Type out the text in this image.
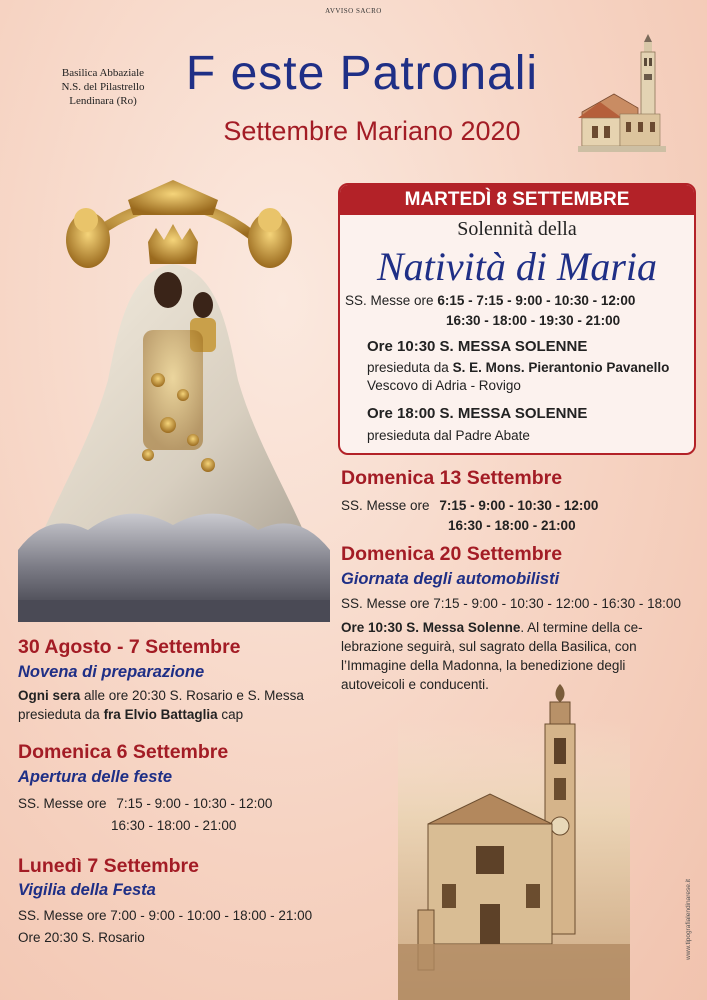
AVVISO SACRO
Basilica Abbaziale
N.S. del Pilastrello
Lendinara (Ro)
F este Patronali
Settembre Mariano 2020
MARTEDÌ 8 SETTEMBRE
Solennità della
Natività di Maria
SS. Messe ore 6:15 - 7:15 - 9:00 - 10:30 - 12:00
16:30 - 18:00 - 19:30 - 21:00
Ore 10:30 S. MESSA SOLENNE
presieduta da S. E. Mons. Pierantonio Pavanello
Vescovo di Adria - Rovigo
Ore 18:00 S. MESSA SOLENNE
presieduta dal Padre Abate
Domenica 13 Settembre
SS. Messe ore 7:15 - 9:00 - 10:30 - 12:00
16:30 - 18:00 - 21:00
Domenica 20 Settembre
Giornata degli automobilisti
SS. Messe ore 7:15 - 9:00 - 10:30 - 12:00 - 16:30 - 18:00
Ore 10:30 S. Messa Solenne. Al termine della ce-
lebrazione seguirà, sul sagrato della Basilica, con
l’Immagine della Madonna, la benedizione degli
autoveicoli e conducenti.
30 Agosto - 7 Settembre
Novena di preparazione
Ogni sera alle ore 20:30 S. Rosario e S. Messa
presieduta da fra Elvio Battaglia cap
Domenica 6 Settembre
Apertura delle feste
SS. Messe ore 7:15 - 9:00 - 10:30 - 12:00
16:30 - 18:00 - 21:00
Lunedì 7 Settembre
Vigilia della Festa
SS. Messe ore 7:00 - 9:00 - 10:00 - 18:00 - 21:00
Ore 20:30 S. Rosario	www.tipografialendinarese.it
